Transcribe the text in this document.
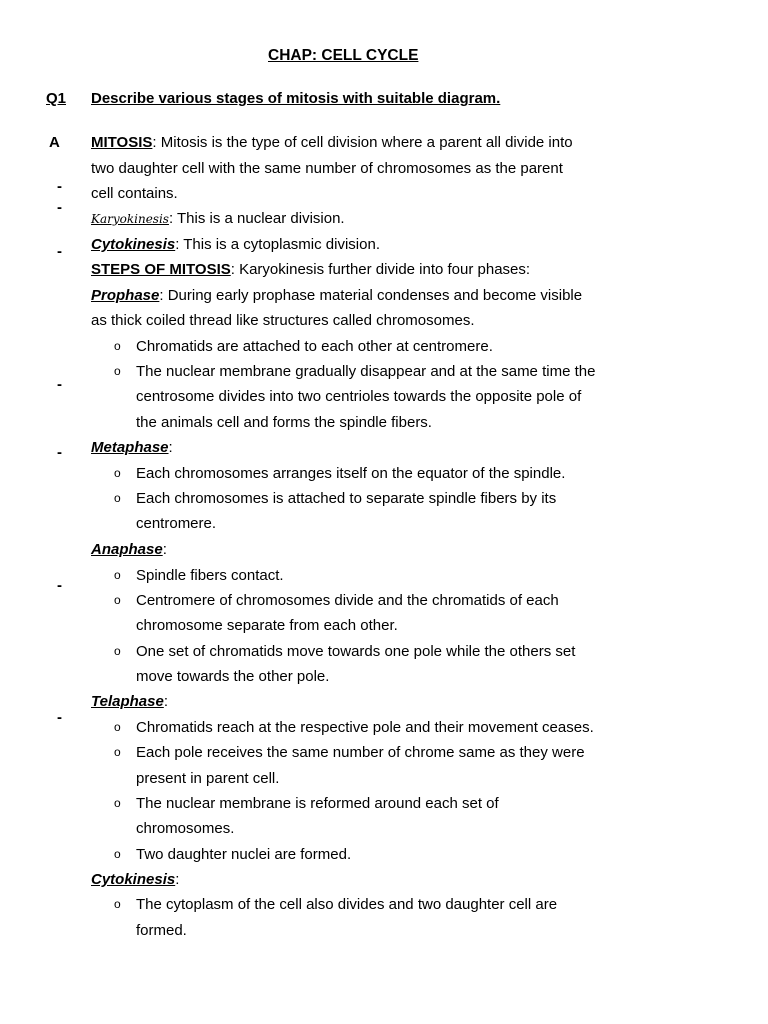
CHAP: CELL CYCLE
Q1 Describe various stages of mitosis with suitable diagram.
A
-
-
-
-
-
-
-
MITOSIS: Mitosis is the type of cell division where a parent all divide into
two daughter cell with the same number of chromosomes as the parent
cell contains.
Karyokinesis: This is a nuclear division.
Cytokinesis: This is a cytoplasmic division.
STEPS OF MITOSIS: Karyokinesis further divide into four phases:
Prophase: During early prophase material condenses and become visible
as thick coiled thread like structures called chromosomes.
o Chromatids are attached to each other at centromere.
o The nuclear membrane gradually disappear and at the same time the
centrosome divides into two centrioles towards the opposite pole of
the animals cell and forms the spindle fibers.
Metaphase:
o Each chromosomes arranges itself on the equator of the spindle.
o Each chromosomes is attached to separate spindle fibers by its
centromere.
Anaphase:
o Spindle fibers contact.
o Centromere of chromosomes divide and the chromatids of each
chromosome separate from each other.
o One set of chromatids move towards one pole while the others set
move towards the other pole.
Telaphase:
o Chromatids reach at the respective pole and their movement ceases.
o Each pole receives the same number of chrome same as they were
present in parent cell.
o The nuclear membrane is reformed around each set of
chromosomes.
o Two daughter nuclei are formed.
Cytokinesis:
o The cytoplasm of the cell also divides and two daughter cell are
formed.
